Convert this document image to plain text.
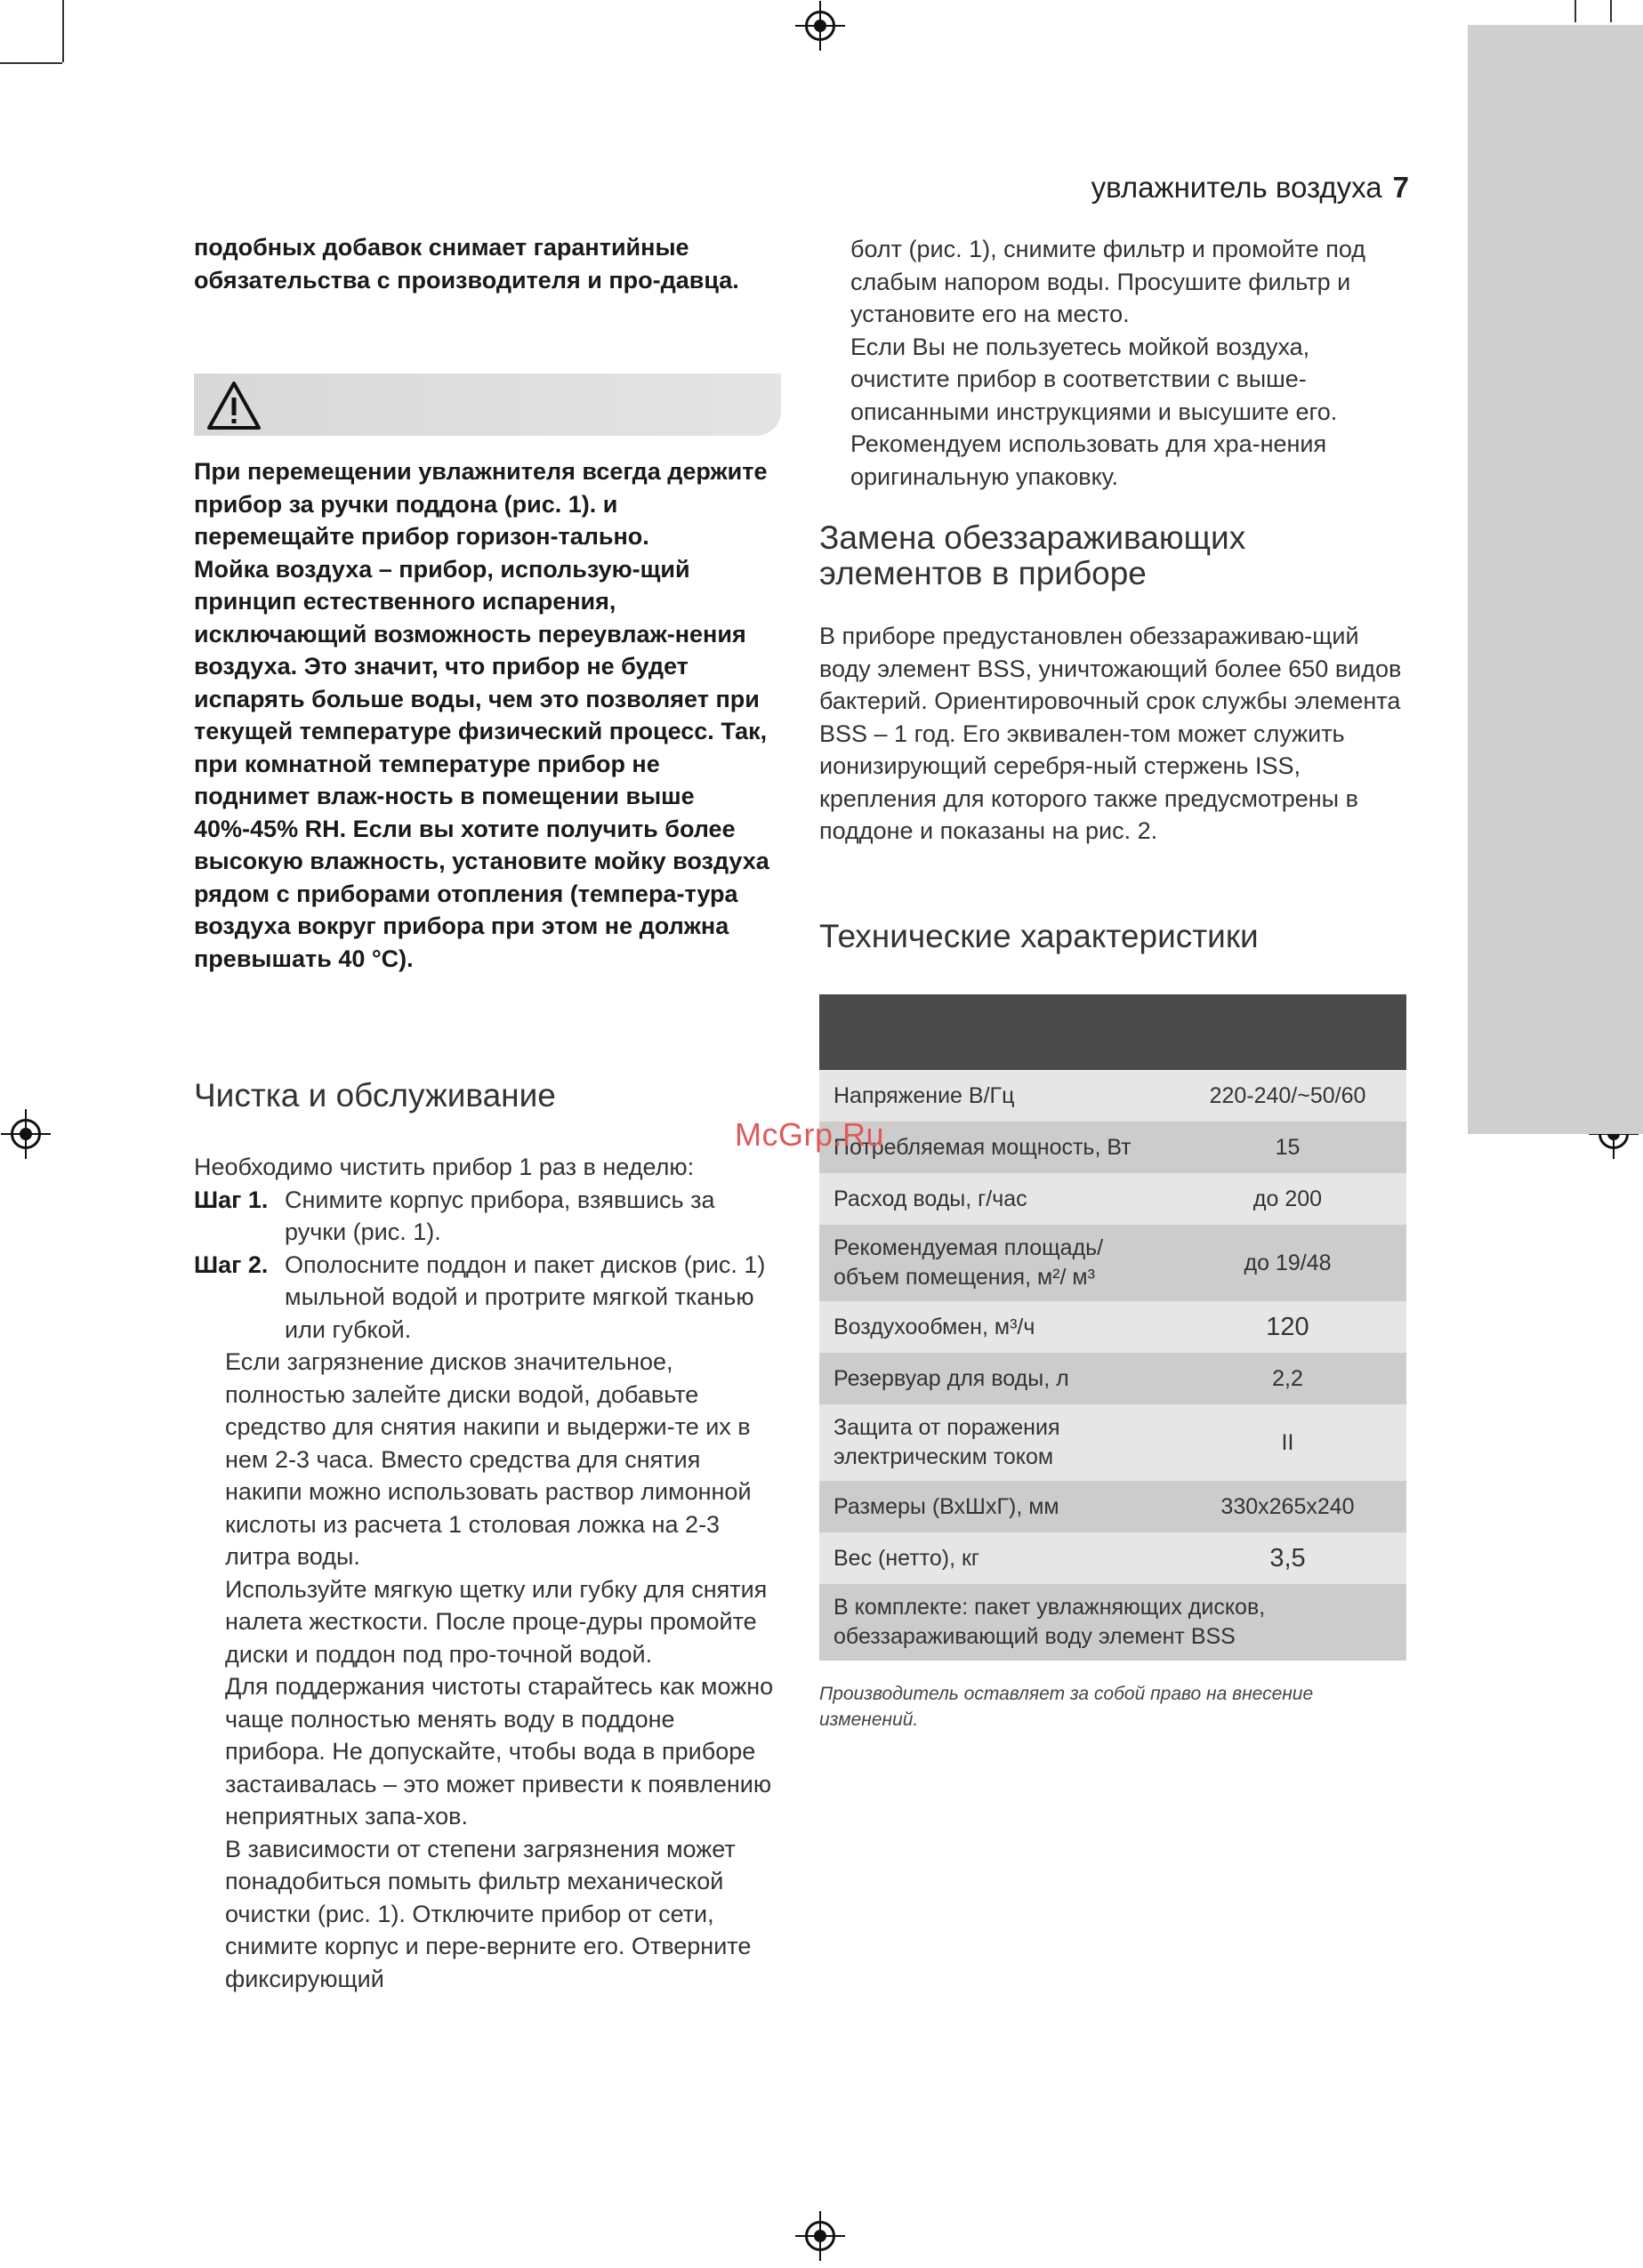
увлажнитель воздуха 7

подобных добавок снимает гарантийные обязательства с производителя и про-давца.

При перемещении увлажнителя всегда держите прибор за ручки поддона (рис. 1). и перемещайте прибор горизон-тально.

Мойка воздуха – прибор, использую-щий принцип естественного испарения, исключающий возможность переувлаж-нения воздуха. Это значит, что прибор не будет испарять больше воды, чем это позволяет при текущей температуре физический процесс. Так, при комнатной температуре прибор не поднимет влаж-ность в помещении выше 40%-45% RH. Если вы хотите получить более высокую влажность, установите мойку воздуха рядом с приборами отопления (темпера-тура воздуха вокруг прибора при этом не должна превышать 40 °C).

Чистка и обслуживание

Необходимо чистить прибор 1 раз в неделю:

Шаг 1. Снимите корпус прибора, взявшись за ручки (рис. 1).
Шаг 2. Ополосните поддон и пакет дисков (рис. 1) мыльной водой и протрите мягкой тканью или губкой.

Если загрязнение дисков значительное, полностью залейте диски водой, добавьте средство для снятия накипи и выдержи-те их в нем 2-3 часа. Вместо средства для снятия накипи можно использовать раствор лимонной кислоты из расчета 1 столовая ложка на 2-3 литра воды.

Используйте мягкую щетку или губку для снятия налета жесткости. После проце-дуры промойте диски и поддон под про-точной водой.

Для поддержания чистоты старайтесь как можно чаще полностью менять воду в поддоне прибора. Не допускайте, чтобы вода в приборе застаивалась – это может привести к появлению неприятных запа-хов.

В зависимости от степени загрязнения может понадобиться помыть фильтр механической очистки (рис. 1). Отключите прибор от сети, снимите корпус и пере-верните его. Отверните фиксирующий

болт (рис. 1), снимите фильтр и промойте под слабым напором воды. Просушите фильтр и установите его на место.

Если Вы не пользуетесь мойкой воздуха, очистите прибор в соответствии с выше-описанными инструкциями и высушите его. Рекомендуем использовать для хра-нения оригинальную упаковку.

Замена обеззараживающих
элементов в приборе

В приборе предустановлен обеззараживаю-щий воду элемент BSS, уничтожающий более 650 видов бактерий. Ориентировочный срок службы элемента BSS – 1 год. Его эквивален-том может служить ионизирующий серебря-ный стержень ISS, крепления для которого также предусмотрены в поддоне и показаны на рис. 2.

Технические характеристики

Напряжение В/Гц	220-240/~50/60
Потребляемая мощность, Вт	15
Расход воды, г/час	до 200
Рекомендуемая площадь/
объем помещения, м²/ м³	до 19/48
Воздухообмен, м³/ч	120
Резервуар для воды, л	2,2
Защита от поражения
электрическим током	II
Размеры (ВхШхГ), мм	330x265x240
Вес (нетто), кг	3,5
В комплекте: пакет увлажняющих дисков,
обеззараживающий воду элемент BSS	
Производитель оставляет за собой право на внесение изменений.
McGrp.Ru
